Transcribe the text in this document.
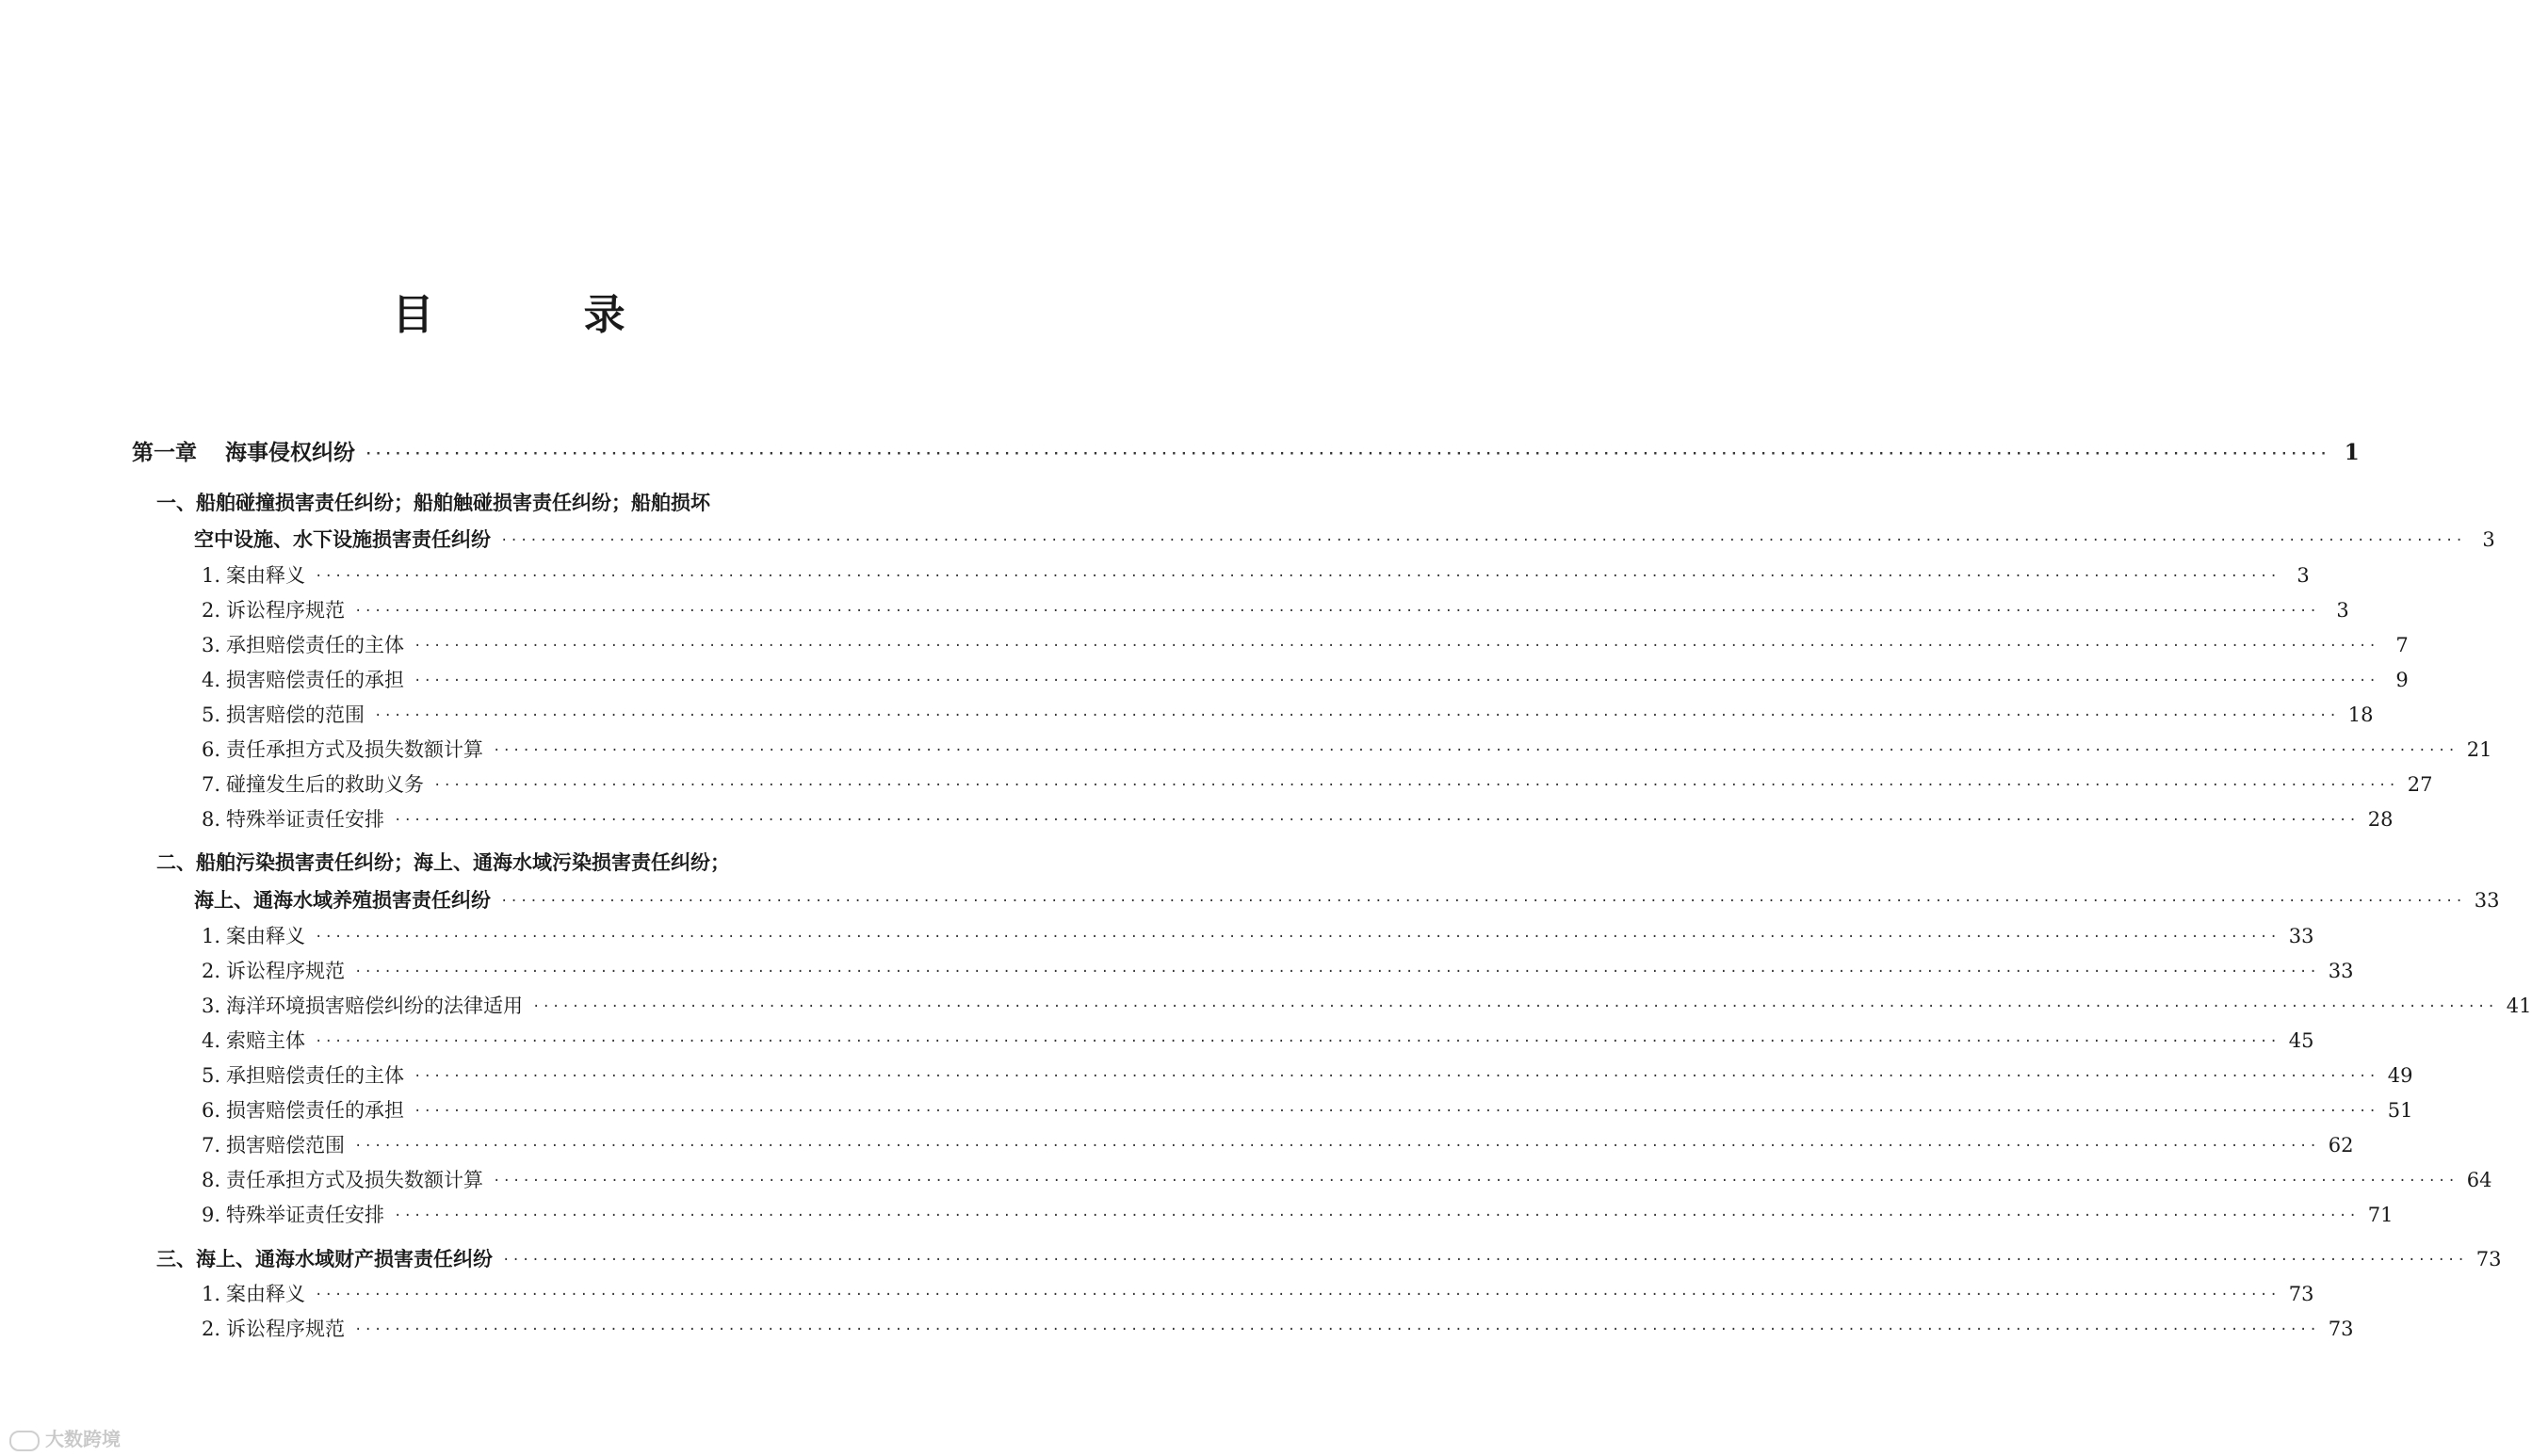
目 录
第一章 海事侵权纠纷 ········································································································································································································ 1
一、船舶碰撞损害责任纠纷；船舶触碰损害责任纠纷；船舶损坏
空中设施、水下设施损害责任纠纷 ········································································································································································································ 3
1. 案由释义 ········································································································································································································ 3
2. 诉讼程序规范 ········································································································································································································ 3
3. 承担赔偿责任的主体 ········································································································································································································ 7
4. 损害赔偿责任的承担 ········································································································································································································ 9
5. 损害赔偿的范围 ········································································································································································································ 18
6. 责任承担方式及损失数额计算 ········································································································································································································ 21
7. 碰撞发生后的救助义务 ········································································································································································································ 27
8. 特殊举证责任安排 ········································································································································································································ 28
二、船舶污染损害责任纠纷；海上、通海水域污染损害责任纠纷；
海上、通海水域养殖损害责任纠纷 ········································································································································································································ 33
1. 案由释义 ········································································································································································································ 33
2. 诉讼程序规范 ········································································································································································································ 33
3. 海洋环境损害赔偿纠纷的法律适用 ········································································································································································································ 41
4. 索赔主体 ········································································································································································································ 45
5. 承担赔偿责任的主体 ········································································································································································································ 49
6. 损害赔偿责任的承担 ········································································································································································································ 51
7. 损害赔偿范围 ········································································································································································································ 62
8. 责任承担方式及损失数额计算 ········································································································································································································ 64
9. 特殊举证责任安排 ········································································································································································································ 71
三、海上、通海水域财产损害责任纠纷 ········································································································································································································ 73
1. 案由释义 ········································································································································································································ 73
2. 诉讼程序规范 ········································································································································································································ 73
大数跨境
